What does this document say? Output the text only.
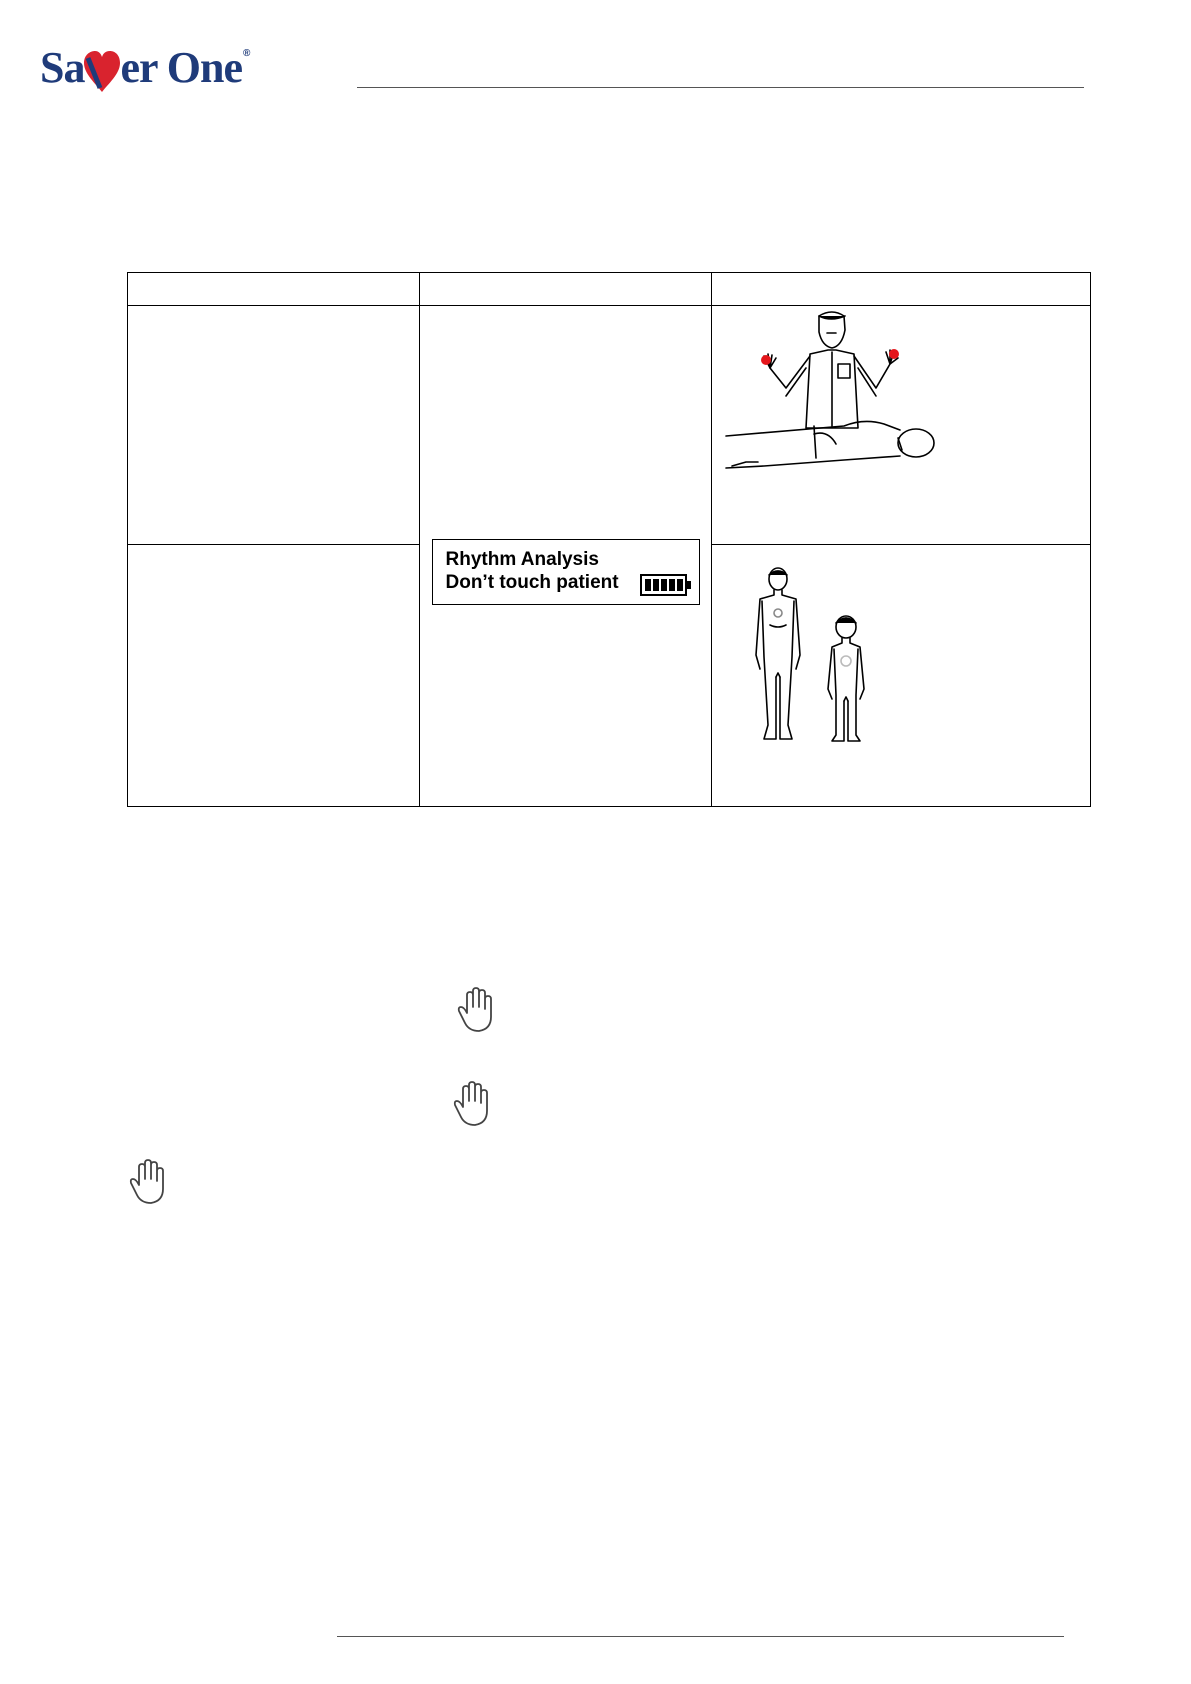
Sa er One ®

	Rhythm Analysis
Don’t touch patient
